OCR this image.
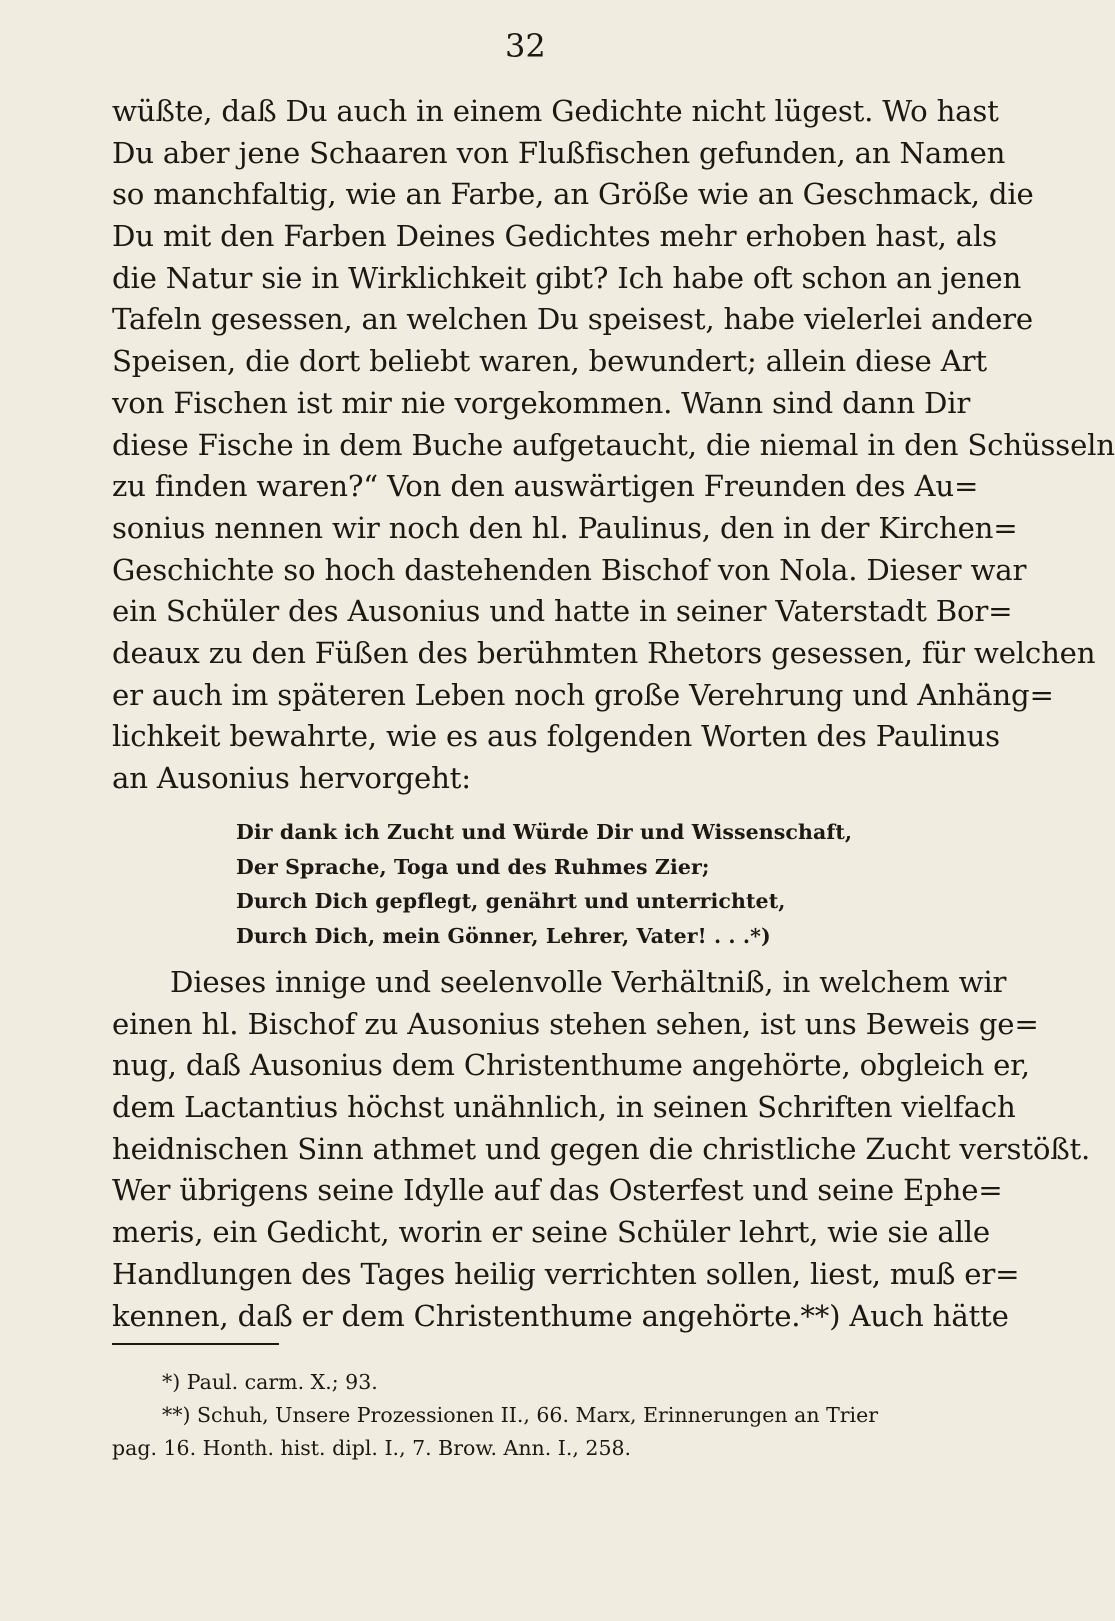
32
wüßte, daß Du auch in einem Gedichte nicht lügest. Wo hast
Du aber jene Schaaren von Flußfischen gefunden, an Namen
so manchfaltig, wie an Farbe, an Größe wie an Geschmack, die
Du mit den Farben Deines Gedichtes mehr erhoben hast, als
die Natur sie in Wirklichkeit gibt? Ich habe oft schon an jenen
Tafeln gesessen, an welchen Du speisest, habe vielerlei andere
Speisen, die dort beliebt waren, bewundert; allein diese Art
von Fischen ist mir nie vorgekommen. Wann sind dann Dir
diese Fische in dem Buche aufgetaucht, die niemal in den Schüsseln
zu finden waren?“ Von den auswärtigen Freunden des Au=
sonius nennen wir noch den hl. Paulinus, den in der Kirchen=
Geschichte so hoch dastehenden Bischof von Nola. Dieser war
ein Schüler des Ausonius und hatte in seiner Vaterstadt Bor=
deaux zu den Füßen des berühmten Rhetors gesessen, für welchen
er auch im späteren Leben noch große Verehrung und Anhäng=
lichkeit bewahrte, wie es aus folgenden Worten des Paulinus
an Ausonius hervorgeht:
Dir dank ich Zucht und Würde Dir und Wissenschaft,
Der Sprache, Toga und des Ruhmes Zier;
Durch Dich gepflegt, genährt und unterrichtet,
Durch Dich, mein Gönner, Lehrer, Vater! . . .*)
Dieses innige und seelenvolle Verhältniß, in welchem wir
einen hl. Bischof zu Ausonius stehen sehen, ist uns Beweis ge=
nug, daß Ausonius dem Christenthume angehörte, obgleich er,
dem Lactantius höchst unähnlich, in seinen Schriften vielfach
heidnischen Sinn athmet und gegen die christliche Zucht verstößt.
Wer übrigens seine Idylle auf das Osterfest und seine Ephe=
meris, ein Gedicht, worin er seine Schüler lehrt, wie sie alle
Handlungen des Tages heilig verrichten sollen, liest, muß er=
kennen, daß er dem Christenthume angehörte.**) Auch hätte
*) Paul. carm. X.; 93.
**) Schuh, Unsere Prozessionen II., 66. Marx, Erinnerungen an Trier
pag. 16. Honth. hist. dipl. I., 7. Brow. Ann. I., 258.
